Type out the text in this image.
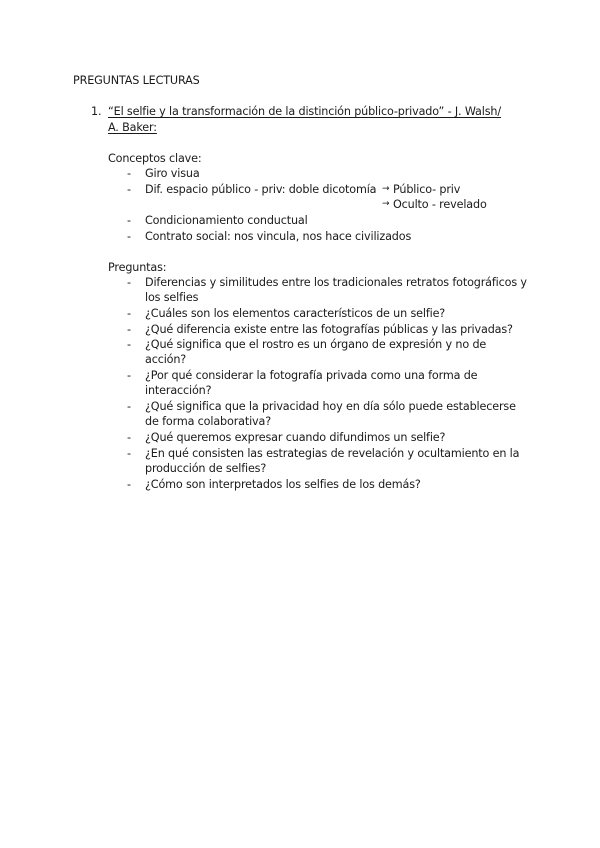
PREGUNTAS LECTURAS
1. “El selfie y la transformación de la distinción público-privado” - J. Walsh/
A. Baker:
Conceptos clave:
- Giro visua
- Dif. espacio público - priv: doble dicotomía → Público- priv
→ Oculto - revelado
- Condicionamiento conductual
- Contrato social: nos vincula, nos hace civilizados
Preguntas:
- Diferencias y similitudes entre los tradicionales retratos fotográficos y
los selfies
- ¿Cuáles son los elementos característicos de un selfie?
- ¿Qué diferencia existe entre las fotografías públicas y las privadas?
- ¿Qué significa que el rostro es un órgano de expresión y no de
acción?
- ¿Por qué considerar la fotografía privada como una forma de
interacción?
- ¿Qué significa que la privacidad hoy en día sólo puede establecerse
de forma colaborativa?
- ¿Qué queremos expresar cuando difundimos un selfie?
- ¿En qué consisten las estrategias de revelación y ocultamiento en la
producción de selfies?
- ¿Cómo son interpretados los selfies de los demás?
